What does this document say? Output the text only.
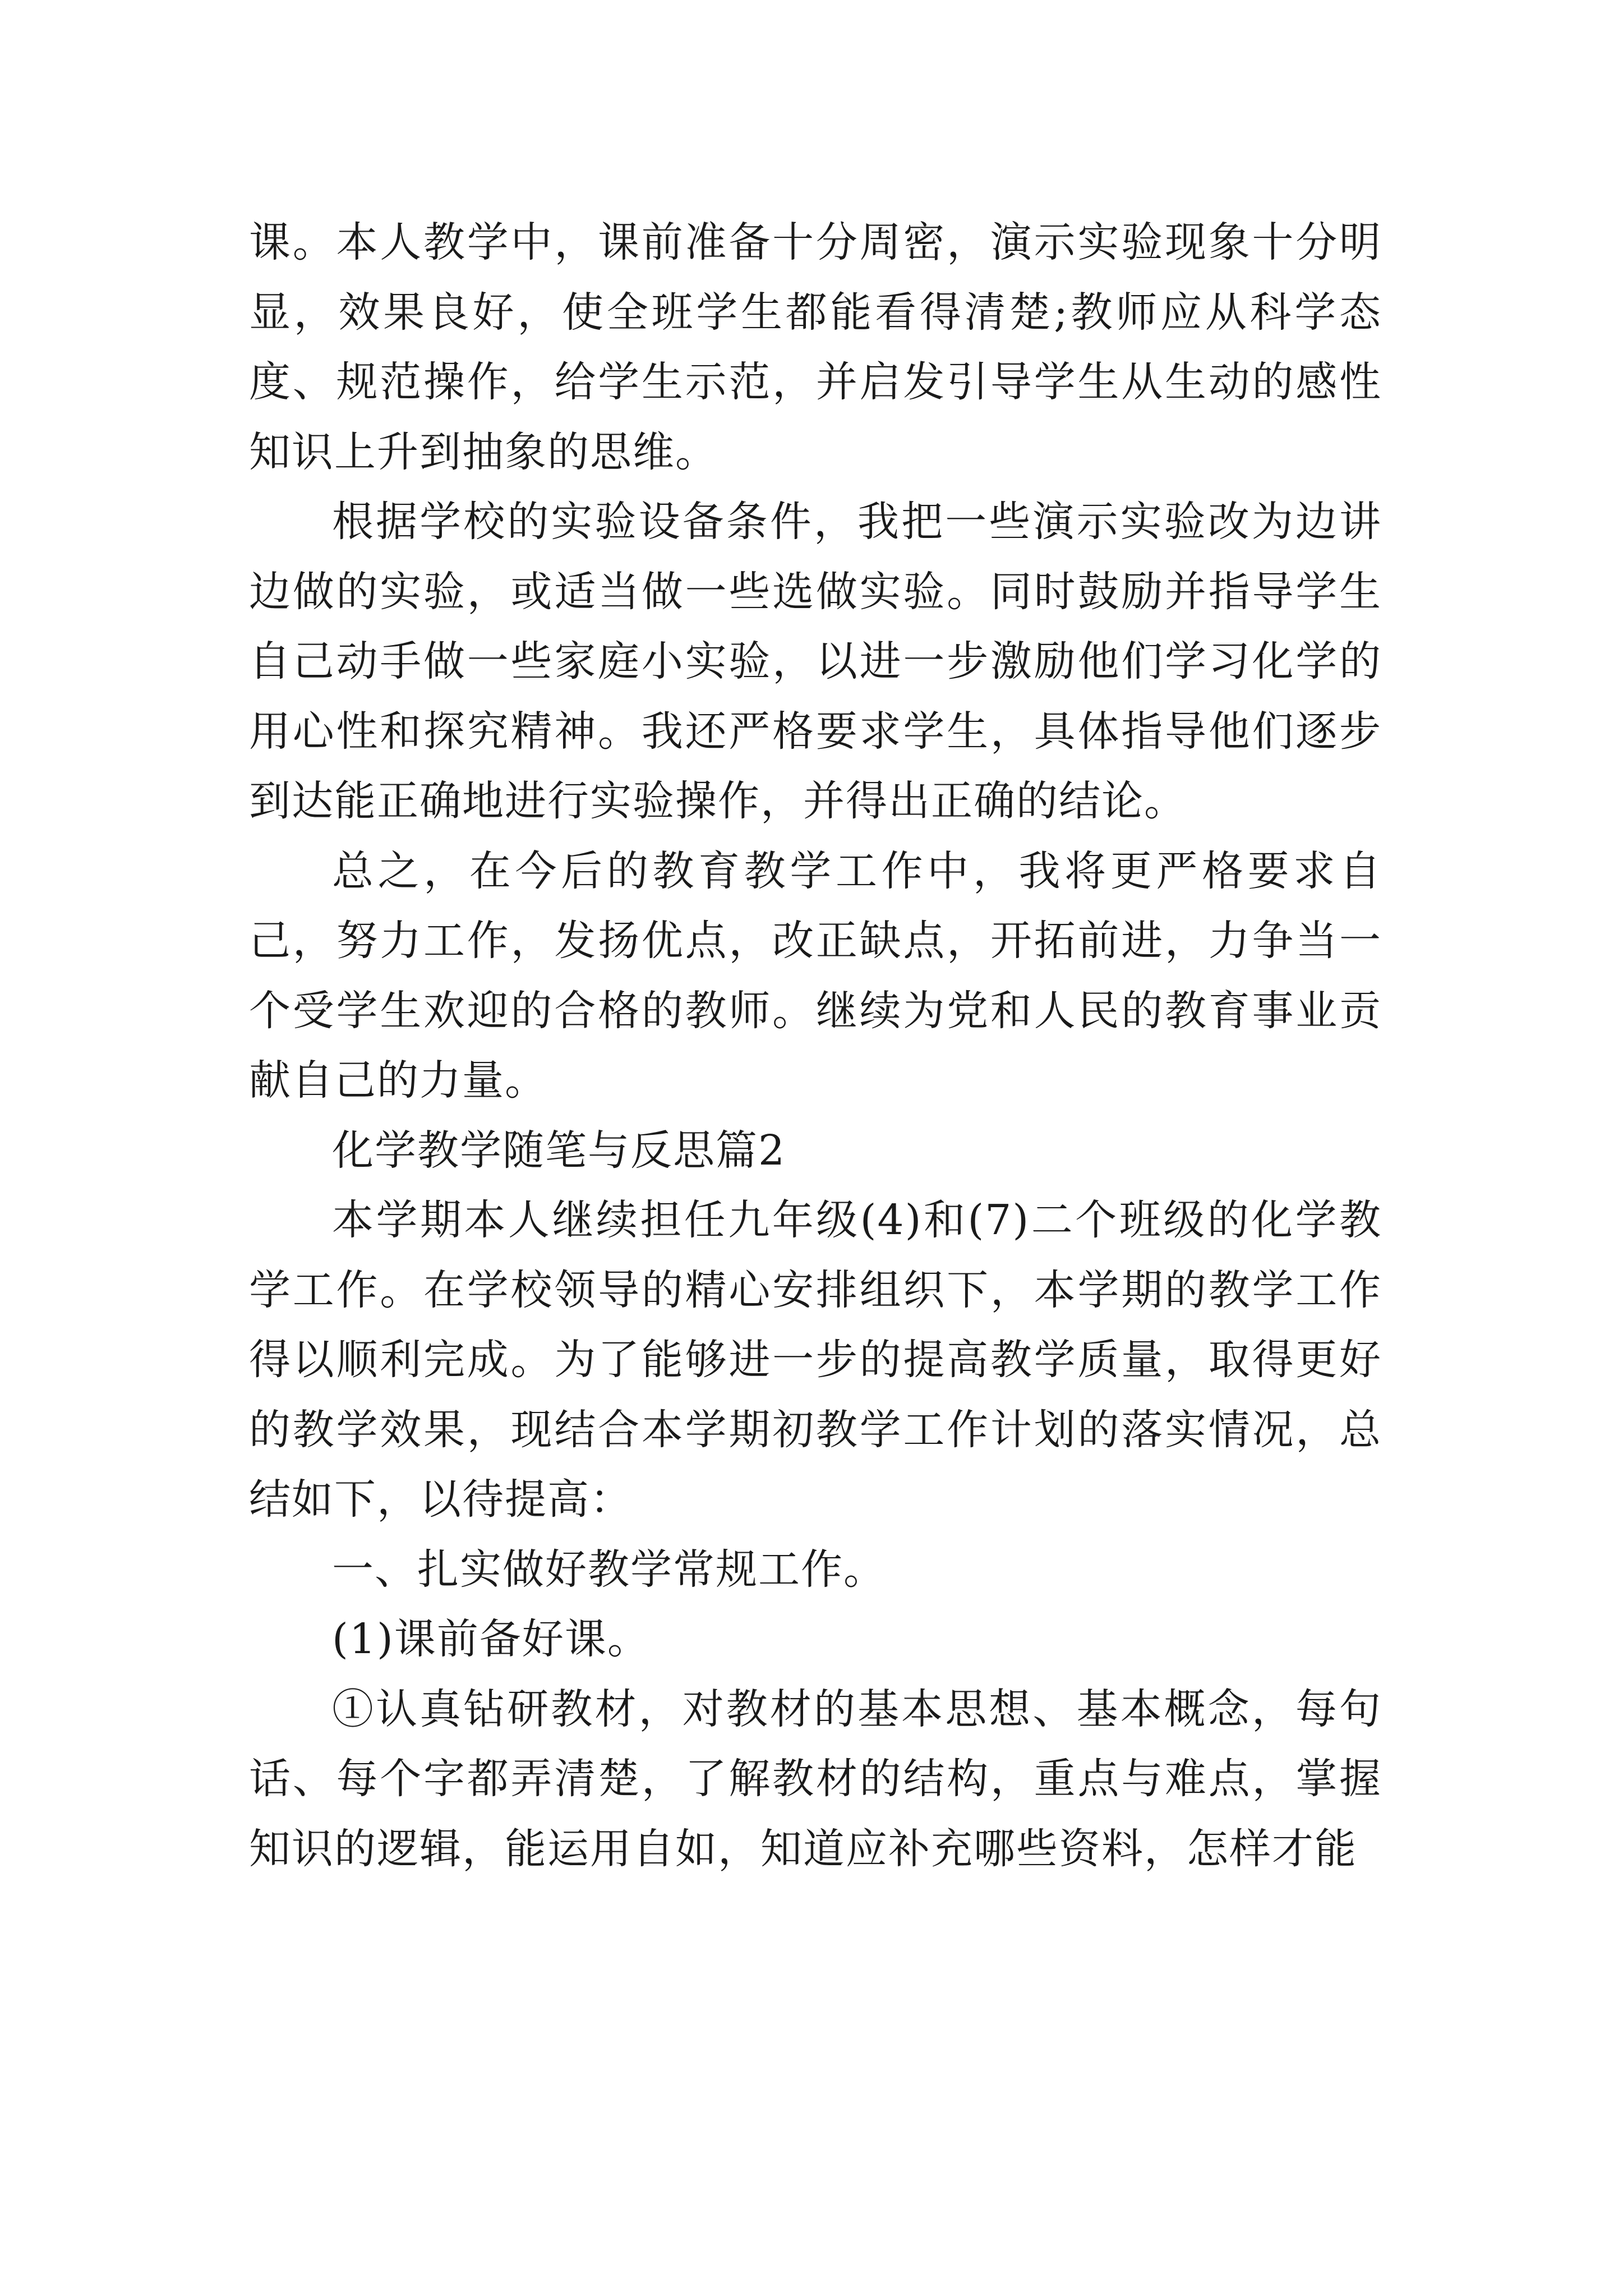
课。本人教学中，课前准备十分周密，演示实验现象十分明显，效果良好，使全班学生都能看得清楚;教师应从科学态度、规范操作，给学生示范，并启发引导学生从生动的感性知识上升到抽象的思维。

根据学校的实验设备条件，我把一些演示实验改为边讲边做的实验，或适当做一些选做实验。同时鼓励并指导学生自己动手做一些家庭小实验，以进一步激励他们学习化学的用心性和探究精神。我还严格要求学生，具体指导他们逐步到达能正确地进行实验操作，并得出正确的结论。

总之，在今后的教育教学工作中，我将更严格要求自己，努力工作，发扬优点，改正缺点，开拓前进，力争当一个受学生欢迎的合格的教师。继续为党和人民的教育事业贡献自己的力量。

化学教学随笔与反思篇2

本学期本人继续担任九年级(4)和(7)二个班级的化学教学工作。在学校领导的精心安排组织下，本学期的教学工作得以顺利完成。为了能够进一步的提高教学质量，取得更好的教学效果，现结合本学期初教学工作计划的落实情况，总结如下，以待提高：

一、扎实做好教学常规工作。

(1)课前备好课。

①认真钻研教材，对教材的基本思想、基本概念，每句话、每个字都弄清楚，了解教材的结构，重点与难点，掌握知识的逻辑，能运用自如，知道应补充哪些资料，怎样才能
